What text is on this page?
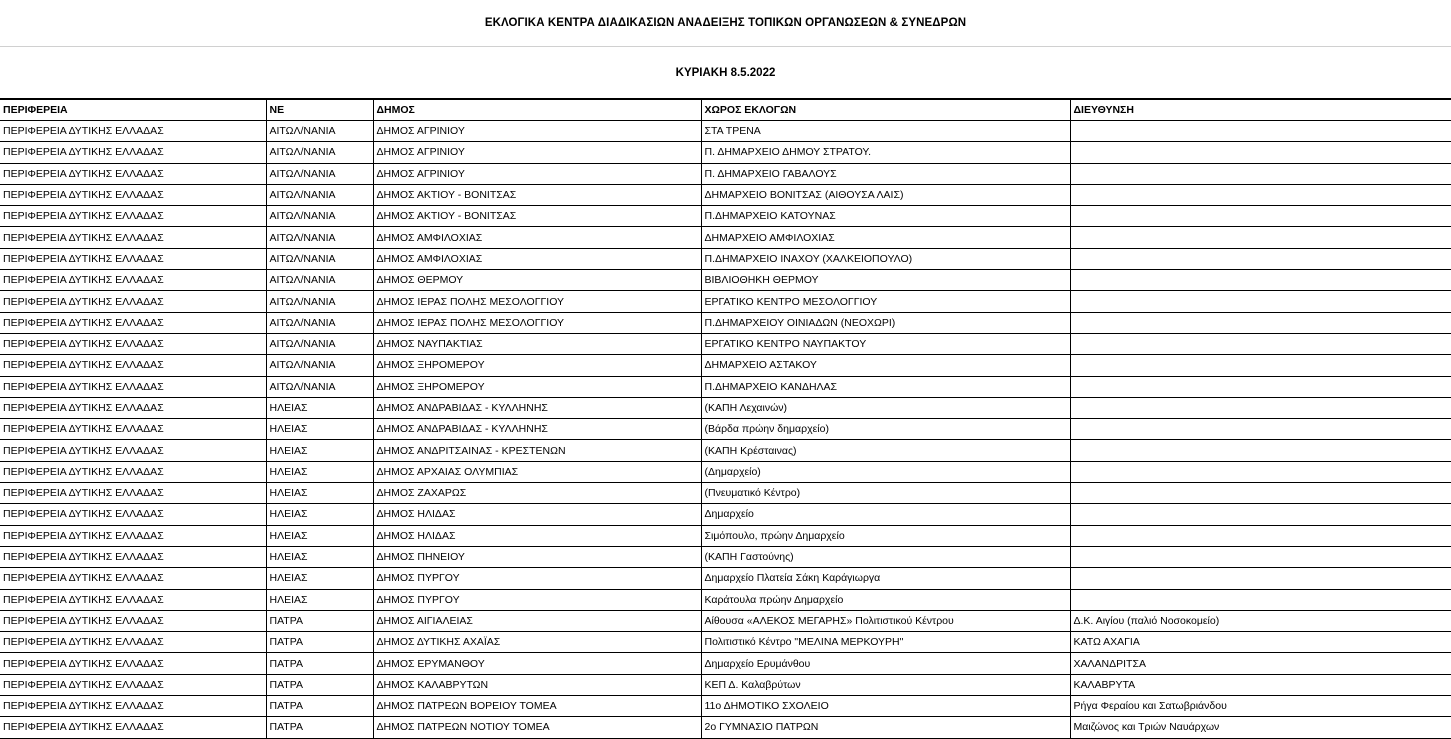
ΕΚΛΟΓΙΚΑ ΚΕΝΤΡΑ ΔΙΑΔΙΚΑΣΙΩΝ ΑΝΑΔΕΙΞΗΣ ΤΟΠΙΚΩΝ ΟΡΓΑΝΩΣΕΩΝ & ΣΥΝΕΔΡΩΝ
ΚΥΡΙΑΚΗ 8.5.2022
ΠΕΡΙΦΕΡΕΙΑ	ΝΕ	ΔΗΜΟΣ	ΧΩΡΟΣ ΕΚΛΟΓΩΝ	ΔΙΕΥΘΥΝΣΗ
ΠΕΡΙΦΕΡΕΙΑ ΔΥΤΙΚΗΣ ΕΛΛΑΔΑΣ	ΑΙΤΩΛ/ΝΑΝΙΑ	ΔΗΜΟΣ ΑΓΡΙΝΙΟΥ	ΣΤΑ ΤΡΕΝΑ	
ΠΕΡΙΦΕΡΕΙΑ ΔΥΤΙΚΗΣ ΕΛΛΑΔΑΣ	ΑΙΤΩΛ/ΝΑΝΙΑ	ΔΗΜΟΣ ΑΓΡΙΝΙΟΥ	Π. ΔΗΜΑΡΧΕΙΟ ΔΗΜΟΥ ΣΤΡΑΤΟΥ.	
ΠΕΡΙΦΕΡΕΙΑ ΔΥΤΙΚΗΣ ΕΛΛΑΔΑΣ	ΑΙΤΩΛ/ΝΑΝΙΑ	ΔΗΜΟΣ ΑΓΡΙΝΙΟΥ	Π. ΔΗΜΑΡΧΕΙΟ ΓΑΒΑΛΟΥΣ	
ΠΕΡΙΦΕΡΕΙΑ ΔΥΤΙΚΗΣ ΕΛΛΑΔΑΣ	ΑΙΤΩΛ/ΝΑΝΙΑ	ΔΗΜΟΣ ΑΚΤΙΟΥ - ΒΟΝΙΤΣΑΣ	ΔΗΜΑΡΧΕΙΟ ΒΟΝΙΤΣΑΣ (ΑΙΘΟΥΣΑ ΛΑΙΣ)	
ΠΕΡΙΦΕΡΕΙΑ ΔΥΤΙΚΗΣ ΕΛΛΑΔΑΣ	ΑΙΤΩΛ/ΝΑΝΙΑ	ΔΗΜΟΣ ΑΚΤΙΟΥ - ΒΟΝΙΤΣΑΣ	Π.ΔΗΜΑΡΧΕΙΟ ΚΑΤΟΥΝΑΣ	
ΠΕΡΙΦΕΡΕΙΑ ΔΥΤΙΚΗΣ ΕΛΛΑΔΑΣ	ΑΙΤΩΛ/ΝΑΝΙΑ	ΔΗΜΟΣ ΑΜΦΙΛΟΧΙΑΣ	ΔΗΜΑΡΧΕΙΟ ΑΜΦΙΛΟΧΙΑΣ	
ΠΕΡΙΦΕΡΕΙΑ ΔΥΤΙΚΗΣ ΕΛΛΑΔΑΣ	ΑΙΤΩΛ/ΝΑΝΙΑ	ΔΗΜΟΣ ΑΜΦΙΛΟΧΙΑΣ	Π.ΔΗΜΑΡΧΕΙΟ ΙΝΑΧΟΥ (ΧΑΛΚΕΙΟΠΟΥΛΟ)	
ΠΕΡΙΦΕΡΕΙΑ ΔΥΤΙΚΗΣ ΕΛΛΑΔΑΣ	ΑΙΤΩΛ/ΝΑΝΙΑ	ΔΗΜΟΣ ΘΕΡΜΟΥ	ΒΙΒΛΙΟΘΗΚΗ ΘΕΡΜΟΥ	
ΠΕΡΙΦΕΡΕΙΑ ΔΥΤΙΚΗΣ ΕΛΛΑΔΑΣ	ΑΙΤΩΛ/ΝΑΝΙΑ	ΔΗΜΟΣ ΙΕΡΑΣ ΠΟΛΗΣ ΜΕΣΟΛΟΓΓΙΟΥ	ΕΡΓΑΤΙΚΟ ΚΕΝΤΡΟ ΜΕΣΟΛΟΓΓΙΟΥ	
ΠΕΡΙΦΕΡΕΙΑ ΔΥΤΙΚΗΣ ΕΛΛΑΔΑΣ	ΑΙΤΩΛ/ΝΑΝΙΑ	ΔΗΜΟΣ ΙΕΡΑΣ ΠΟΛΗΣ ΜΕΣΟΛΟΓΓΙΟΥ	Π.ΔΗΜΑΡΧΕΙΟΥ ΟΙΝΙΑΔΩΝ (ΝΕΟΧΩΡΙ)	
ΠΕΡΙΦΕΡΕΙΑ ΔΥΤΙΚΗΣ ΕΛΛΑΔΑΣ	ΑΙΤΩΛ/ΝΑΝΙΑ	ΔΗΜΟΣ ΝΑΥΠΑΚΤΙΑΣ	ΕΡΓΑΤΙΚΟ ΚΕΝΤΡΟ ΝΑΥΠΑΚΤΟΥ	
ΠΕΡΙΦΕΡΕΙΑ ΔΥΤΙΚΗΣ ΕΛΛΑΔΑΣ	ΑΙΤΩΛ/ΝΑΝΙΑ	ΔΗΜΟΣ ΞΗΡΟΜΕΡΟΥ	ΔΗΜΑΡΧΕΙΟ ΑΣΤΑΚΟΥ	
ΠΕΡΙΦΕΡΕΙΑ ΔΥΤΙΚΗΣ ΕΛΛΑΔΑΣ	ΑΙΤΩΛ/ΝΑΝΙΑ	ΔΗΜΟΣ ΞΗΡΟΜΕΡΟΥ	Π.ΔΗΜΑΡΧΕΙΟ ΚΑΝΔΗΛΑΣ	
ΠΕΡΙΦΕΡΕΙΑ ΔΥΤΙΚΗΣ ΕΛΛΑΔΑΣ	ΗΛΕΙΑΣ	ΔΗΜΟΣ ΑΝΔΡΑΒΙΔΑΣ - ΚΥΛΛΗΝΗΣ	(ΚΑΠΗ Λεχαινών)	
ΠΕΡΙΦΕΡΕΙΑ ΔΥΤΙΚΗΣ ΕΛΛΑΔΑΣ	ΗΛΕΙΑΣ	ΔΗΜΟΣ ΑΝΔΡΑΒΙΔΑΣ - ΚΥΛΛΗΝΗΣ	(Βάρδα πρώην δημαρχείο)	
ΠΕΡΙΦΕΡΕΙΑ ΔΥΤΙΚΗΣ ΕΛΛΑΔΑΣ	ΗΛΕΙΑΣ	ΔΗΜΟΣ ΑΝΔΡΙΤΣΑΙΝΑΣ - ΚΡΕΣΤΕΝΩΝ	(ΚΑΠΗ Κρέσταινας)	
ΠΕΡΙΦΕΡΕΙΑ ΔΥΤΙΚΗΣ ΕΛΛΑΔΑΣ	ΗΛΕΙΑΣ	ΔΗΜΟΣ ΑΡΧΑΙΑΣ ΟΛΥΜΠΙΑΣ	(Δημαρχείο)	
ΠΕΡΙΦΕΡΕΙΑ ΔΥΤΙΚΗΣ ΕΛΛΑΔΑΣ	ΗΛΕΙΑΣ	ΔΗΜΟΣ ΖΑΧΑΡΩΣ	(Πνευματικό Κέντρο)	
ΠΕΡΙΦΕΡΕΙΑ ΔΥΤΙΚΗΣ ΕΛΛΑΔΑΣ	ΗΛΕΙΑΣ	ΔΗΜΟΣ ΗΛΙΔΑΣ	Δημαρχείο	
ΠΕΡΙΦΕΡΕΙΑ ΔΥΤΙΚΗΣ ΕΛΛΑΔΑΣ	ΗΛΕΙΑΣ	ΔΗΜΟΣ ΗΛΙΔΑΣ	Σιμόπουλο, πρώην Δημαρχείο	
ΠΕΡΙΦΕΡΕΙΑ ΔΥΤΙΚΗΣ ΕΛΛΑΔΑΣ	ΗΛΕΙΑΣ	ΔΗΜΟΣ ΠΗΝΕΙΟΥ	(ΚΑΠΗ Γαστούνης)	
ΠΕΡΙΦΕΡΕΙΑ ΔΥΤΙΚΗΣ ΕΛΛΑΔΑΣ	ΗΛΕΙΑΣ	ΔΗΜΟΣ ΠΥΡΓΟΥ	Δημαρχείο Πλατεία Σάκη Καράγιωργα	
ΠΕΡΙΦΕΡΕΙΑ ΔΥΤΙΚΗΣ ΕΛΛΑΔΑΣ	ΗΛΕΙΑΣ	ΔΗΜΟΣ ΠΥΡΓΟΥ	Καράτουλα πρώην Δημαρχείο	
ΠΕΡΙΦΕΡΕΙΑ ΔΥΤΙΚΗΣ ΕΛΛΑΔΑΣ	ΠΑΤΡΑ	ΔΗΜΟΣ ΑΙΓΙΑΛΕΙΑΣ	Αίθουσα «ΑΛΕΚΟΣ ΜΕΓΑΡΗΣ» Πολιτιστικού Κέντρου	Δ.Κ. Αιγίου (παλιό Νοσοκομείο)
ΠΕΡΙΦΕΡΕΙΑ ΔΥΤΙΚΗΣ ΕΛΛΑΔΑΣ	ΠΑΤΡΑ	ΔΗΜΟΣ ΔΥΤΙΚΗΣ ΑΧΑΪΑΣ	Πολιτιστικό Κέντρο "ΜΕΛΙΝΑ ΜΕΡΚΟΥΡΗ"	ΚΑΤΩ ΑΧΑΓΙΑ
ΠΕΡΙΦΕΡΕΙΑ ΔΥΤΙΚΗΣ ΕΛΛΑΔΑΣ	ΠΑΤΡΑ	ΔΗΜΟΣ ΕΡΥΜΑΝΘΟΥ	Δημαρχείο Ερυμάνθου	ΧΑΛΑΝΔΡΙΤΣΑ
ΠΕΡΙΦΕΡΕΙΑ ΔΥΤΙΚΗΣ ΕΛΛΑΔΑΣ	ΠΑΤΡΑ	ΔΗΜΟΣ ΚΑΛΑΒΡΥΤΩΝ	ΚΕΠ Δ. Καλαβρύτων	ΚΑΛΑΒΡΥΤΑ
ΠΕΡΙΦΕΡΕΙΑ ΔΥΤΙΚΗΣ ΕΛΛΑΔΑΣ	ΠΑΤΡΑ	ΔΗΜΟΣ ΠΑΤΡΕΩΝ ΒΟΡΕΙΟΥ ΤΟΜΕΑ	11ο ΔΗΜΟΤΙΚΟ ΣΧΟΛΕΙΟ	Ρήγα Φεραίου και Σατωβριάνδου
ΠΕΡΙΦΕΡΕΙΑ ΔΥΤΙΚΗΣ ΕΛΛΑΔΑΣ	ΠΑΤΡΑ	ΔΗΜΟΣ ΠΑΤΡΕΩΝ ΝΟΤΙΟΥ ΤΟΜΕΑ	2ο ΓΥΜΝΑΣΙΟ ΠΑΤΡΩΝ	Μαιζώνος και Τριών Ναυάρχων
